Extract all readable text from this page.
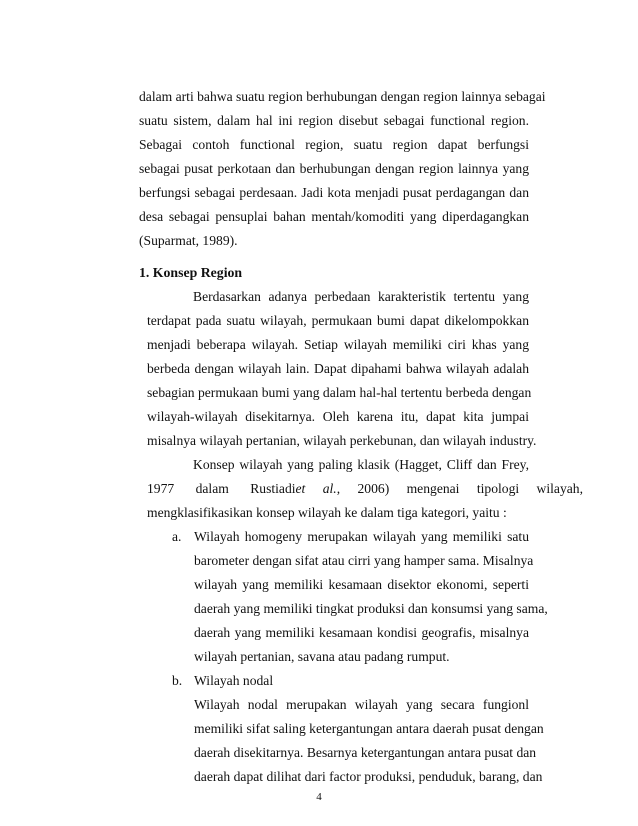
dalam arti bahwa suatu region berhubungan dengan region lainnya sebagai
suatu sistem, dalam hal ini region disebut sebagai functional region.
Sebagai contoh functional region, suatu region dapat berfungsi
sebagai pusat perkotaan dan berhubungan dengan region lainnya yang
berfungsi sebagai perdesaan. Jadi kota menjadi pusat perdagangan dan
desa sebagai pensuplai bahan mentah/komoditi yang diperdagangkan
(Suparmat, 1989).
1. Konsep Region
Berdasarkan adanya perbedaan karakteristik tertentu yang
terdapat pada suatu wilayah, permukaan bumi dapat dikelompokkan
menjadi beberapa wilayah. Setiap wilayah memiliki ciri khas yang
berbeda dengan wilayah lain. Dapat dipahami bahwa wilayah adalah
sebagian permukaan bumi yang dalam hal-hal tertentu berbeda dengan
wilayah-wilayah disekitarnya. Oleh karena itu, dapat kita jumpai
misalnya wilayah pertanian, wilayah perkebunan, dan wilayah industry.
Konsep wilayah yang paling klasik (Hagget, Cliff dan Frey,
1977 dalam Rustiadi et al., 2006) mengenai tipologi wilayah,
mengklasifikasikan konsep wilayah ke dalam tiga kategori, yaitu :
a. Wilayah homogeny merupakan wilayah yang memiliki satu
barometer dengan sifat atau cirri yang hamper sama. Misalnya
wilayah yang memiliki kesamaan disektor ekonomi, seperti
daerah yang memiliki tingkat produksi dan konsumsi yang sama,
daerah yang memiliki kesamaan kondisi geografis, misalnya
wilayah pertanian, savana atau padang rumput.
b. Wilayah nodal
Wilayah nodal merupakan wilayah yang secara fungionl
memiliki sifat saling ketergantungan antara daerah pusat dengan
daerah disekitarnya. Besarnya ketergantungan antara pusat dan
daerah dapat dilihat dari factor produksi, penduduk, barang, dan
4
